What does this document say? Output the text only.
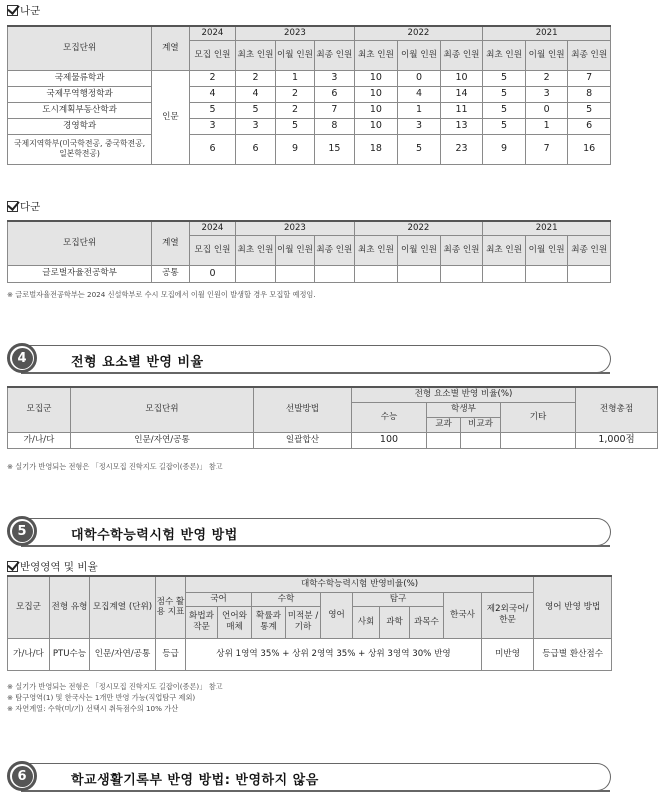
나군
모집단위	계열	2024	2023			2022			2021		
		모집 인원	최초 인원	이월 인원	최종 인원	최초 인원	이월 인원	최종 인원	최초 인원	이월 인원	최종 인원
국제물류학과	인문	2	2	1	3	10	0	10	5	2	7
국제무역행정학과		4	4	2	6	10	4	14	5	3	8
도시계획부동산학과		5	5	2	7	10	1	11	5	0	5
경영학과		3	3	5	8	10	3	13	5	1	6
국제지역학부(미국학전공, 중국학전공, 일본학전공)		6	6	9	15	18	5	23	9	7	16
다군
모집단위	계열	2024	2023			2022			2021		
		모집 인원	최초 인원	이월 인원	최종 인원	최초 인원	이월 인원	최종 인원	최초 인원	이월 인원	최종 인원
글로벌자율전공학부	공통	0									
※ 글로벌자율전공학부는 2024 신설학부로 수시 모집에서 이월 인원이 발생할 경우 모집할 예정임.
4	전형 요소별 반영 비율
모집군	모집단위	선발방법	전형 요소별 반영 비율(%)				전형총점
			수능	학생부		기타	
				교과	비교과		
가/나/다	인문/자연/공통	일괄합산	100				1,000점
※ 실기가 반영되는 전형은 「정시모집 진학지도 길잡이(종론)」 참고
5	대학수학능력시험 반영 방법
반영영역 및 비율
모집군	전형 유형	모집계열 (단위)	점수 활용 지표	대학수학능력시험 반영비율(%)										영어 반영 방법
				국어		수학		영어	탐구			한국사	제2외국어/ 한문	
				화법과 작문	언어와 매체	확률과 통계	미적분 /기하		사회	과학	과목수			
가/나/다	PTU수능	인문/자연/공통	등급	상위 1영역 35% + 상위 2영역 35% + 상위 3영역 30% 반영									미반영	등급별 환산점수
※ 실기가 반영되는 전형은 「정시모집 진학지도 길잡이(종론)」 참고
※ 탐구영역(1) 및 한국사는 1개만 반영 가능(직업탐구 제외)
※ 자연계열: 수학(미/기) 선택시 취득점수의 10% 가산
6	학교생활기록부 반영 방법: 반영하지 않음
